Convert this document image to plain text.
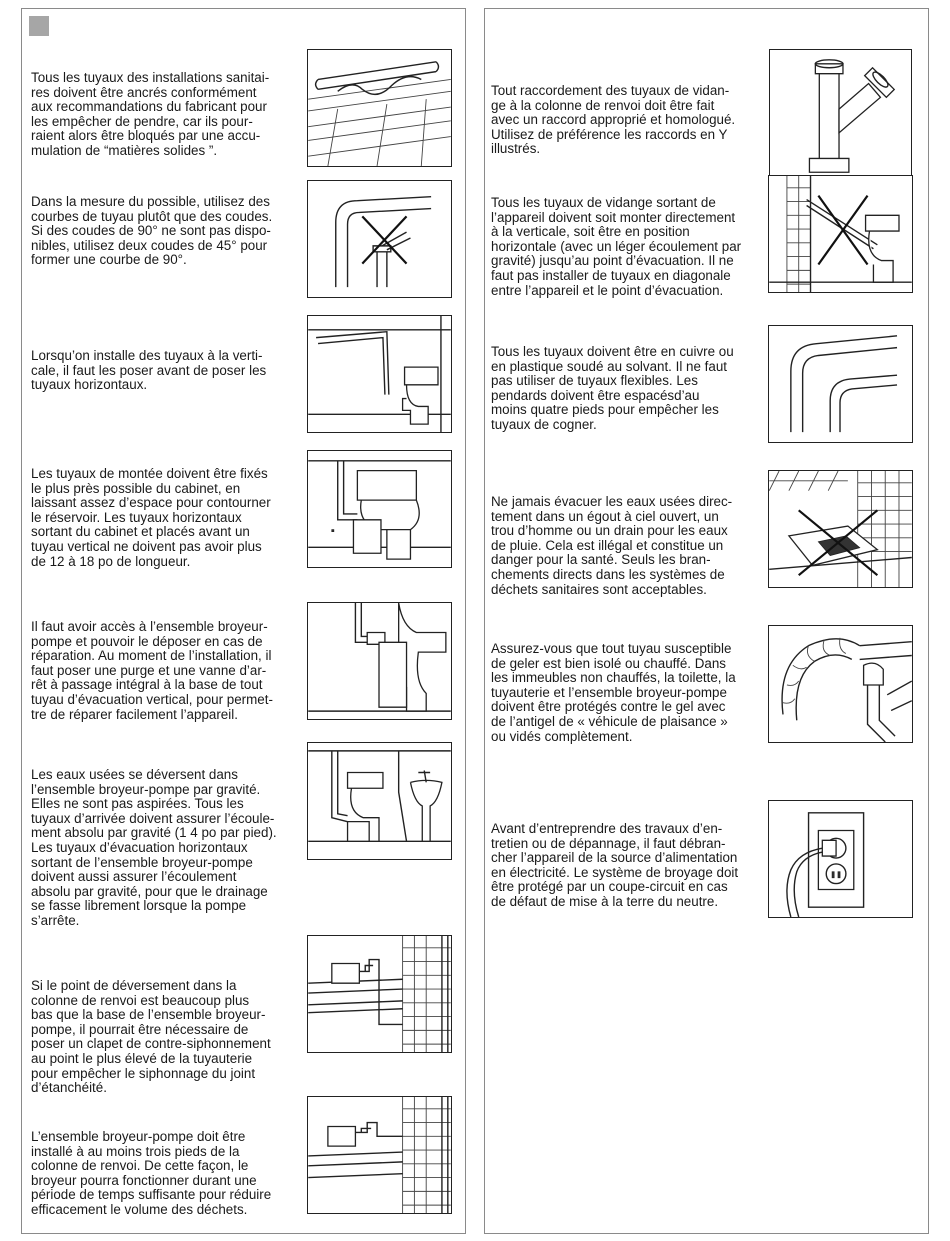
Tous les tuyaux des installations sanitai-
res doivent être ancrés conformément
aux recommandations du fabricant pour
les empêcher de pendre, car ils pour-
raient alors être bloqués par une accu-
mulation de “matières solides ”.

Dans la mesure du possible, utilisez des
courbes de tuyau plutôt que des coudes.
Si des coudes de 90° ne sont pas dispo-
nibles, utilisez deux coudes de 45° pour
former une courbe de 90°.

Lorsqu’on installe des tuyaux à la verti-
cale, il faut les poser avant de poser les
tuyaux horizontaux.

Les tuyaux de montée doivent être fixés
le plus près possible du cabinet, en
laissant assez d’espace pour contourner
le réservoir. Les tuyaux horizontaux
sortant du cabinet et placés avant un
tuyau vertical ne doivent pas avoir plus
de 12 à 18 po de longueur.

Il faut avoir accès à l’ensemble broyeur-
pompe et pouvoir le déposer en cas de
réparation. Au moment de l’installation, il
faut poser une purge et une vanne d’ar-
rêt à passage intégral à la base de tout
tuyau d’évacuation vertical, pour permet-
tre de réparer facilement l’appareil.

Les eaux usées se déversent dans
l’ensemble broyeur-pompe par gravité.
Elles ne sont pas aspirées. Tous les
tuyaux d’arrivée doivent assurer l’écoule-
ment absolu par gravité (1 4 po par pied).
Les tuyaux d’évacuation horizontaux
sortant de l’ensemble broyeur-pompe
doivent aussi assurer l’écoulement
absolu par gravité, pour que le drainage
se fasse librement lorsque la pompe
s’arrête.

Si le point de déversement dans la
colonne de renvoi est beaucoup plus
bas que la base de l’ensemble broyeur-
pompe, il pourrait être nécessaire de
poser un clapet de contre-siphonnement
au point le plus élevé de la tuyauterie
pour empêcher le siphonnage du joint
d’étanchéité.

L’ensemble broyeur-pompe doit être
installé à au moins trois pieds de la
colonne de renvoi. De cette façon, le
broyeur pourra fonctionner durant une
période de temps suffisante pour réduire
efficacement le volume des déchets.

Tout raccordement des tuyaux de vidan-
ge à la colonne de renvoi doit être fait
avec un raccord approprié et homologué.
Utilisez de préférence les raccords en Y
illustrés.

Tous les tuyaux de vidange sortant de
l’appareil doivent soit monter directement
à la verticale, soit être en position
horizontale (avec un léger écoulement par
gravité) jusqu’au point d’évacuation. Il ne
faut pas installer de tuyaux en diagonale
entre l’appareil et le point d’évacuation.

Tous les tuyaux doivent être en cuivre ou
en plastique soudé au solvant. Il ne faut
pas utiliser de tuyaux flexibles. Les
pendards doivent être espacésd’au
moins quatre pieds pour empêcher les
tuyaux de cogner.

Ne jamais évacuer les eaux usées direc-
tement dans un égout à ciel ouvert, un
trou d’homme ou un drain pour les eaux
de pluie. Cela est illégal et constitue un
danger pour la santé. Seuls les bran-
chements directs dans les systèmes de
déchets sanitaires sont acceptables.

Assurez-vous que tout tuyau susceptible
de geler est bien isolé ou chauffé. Dans
les immeubles non chauffés, la toilette, la
tuyauterie et l’ensemble broyeur-pompe
doivent être protégés contre le gel avec
de l’antigel de « véhicule de plaisance »
ou vidés complètement.

Avant d’entreprendre des travaux d’en-
tretien ou de dépannage, il faut débran-
cher l’appareil de la source d’alimentation
en électricité. Le système de broyage doit
être protégé par un coupe-circuit en cas
de défaut de mise à la terre du neutre.
